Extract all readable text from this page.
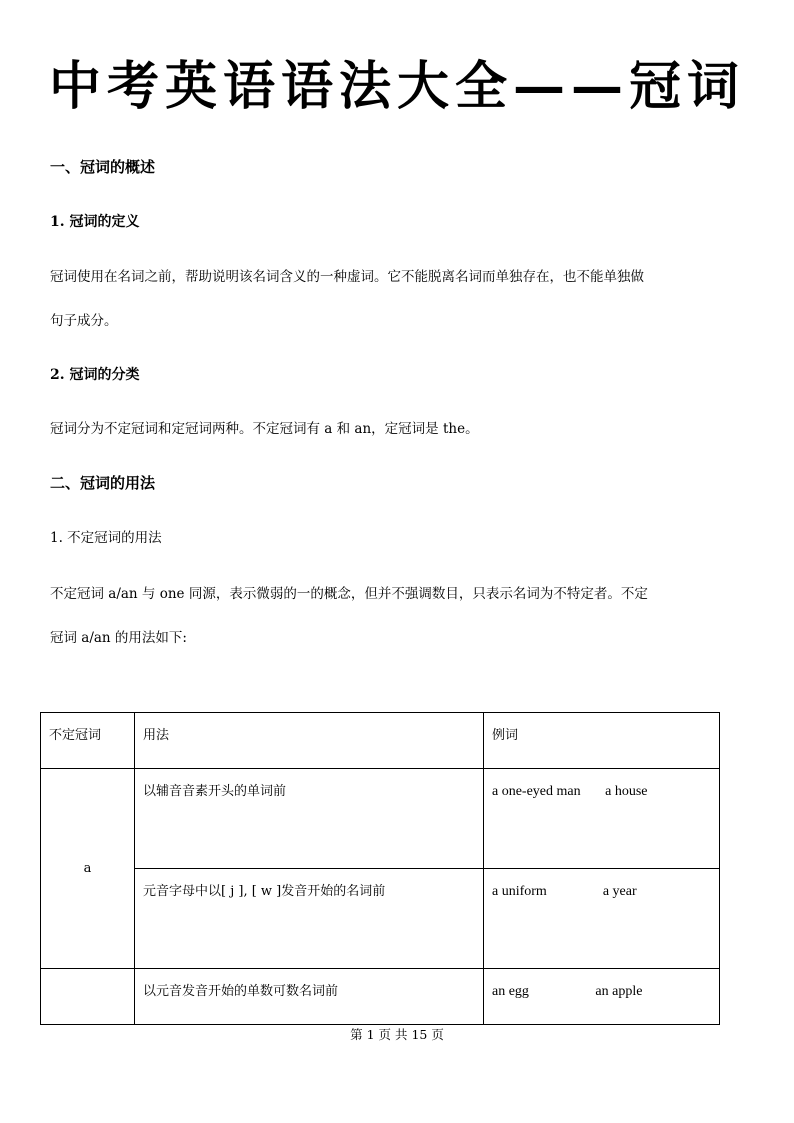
中考英语语法大全——冠词
一、冠词的概述
1. 冠词的定义
冠词使用在名词之前，帮助说明该名词含义的一种虚词。它不能脱离名词而单独存在，也不能单独做
句子成分。
2. 冠词的分类
冠词分为不定冠词和定冠词两种。不定冠词有 a 和 an，定冠词是 the。
二、冠词的用法
1. 不定冠词的用法
不定冠词 a/an 与 one 同源，表示微弱的一的概念，但并不强调数目，只表示名词为不特定者。不定
冠词 a/an 的用法如下:
不定冠词	用法	例词
a	以辅音音素开头的单词前	a one-eyed man       a house
	元音字母中以[ j ], [ w ]发音开始的名词前	a uniform                a year
	以元音发音开始的单数可数名词前	an egg                   an apple
第 1 页 共 15 页
